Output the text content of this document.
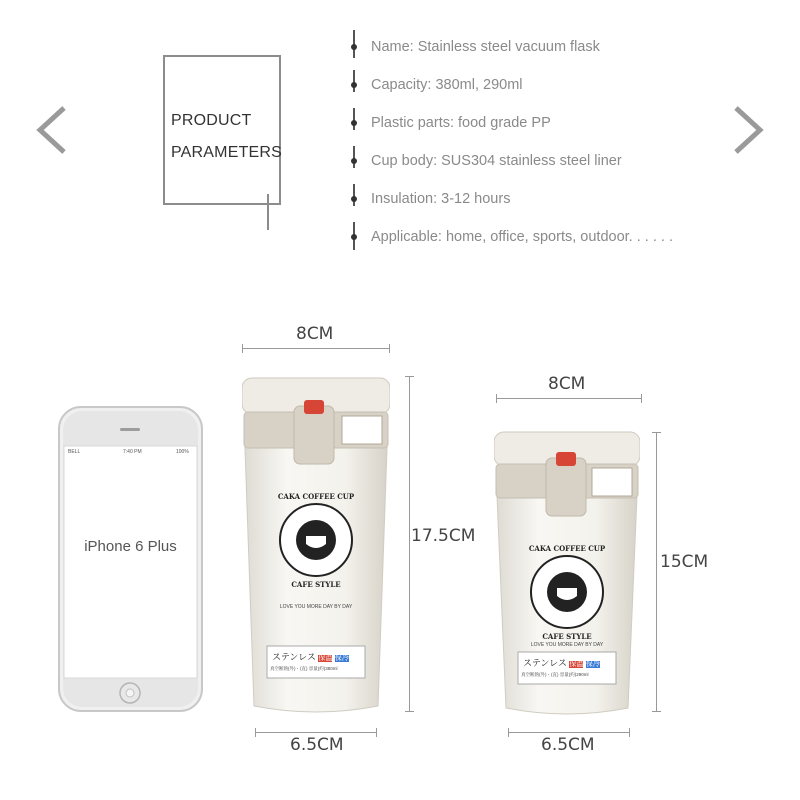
PRODUCT
PARAMETERS
Name: Stainless steel vacuum flask
Capacity: 380ml, 290ml
Plastic parts: food grade PP
Cup body: SUS304 stainless steel liner
Insulation: 3-12 hours
Applicable: home, office, sports, outdoor. . . . . .
BELL	7:40 PM	100%
iPhone 6 Plus
CAKA COFFEE CUP
CAFE STYLE
LOVE YOU MORE DAY BY DAY
ステンレス 保温 保冷
真空断熱(外)・(直) 容量(約)380ml
CAKA COFFEE CUP
CAFE STYLE
LOVE YOU MORE DAY BY DAY
ステンレス 保温 保冷
真空断熱(外)・(直) 容量(約)290ml
8CM
17.5CM
6.5CM
8CM
15CM
6.5CM
